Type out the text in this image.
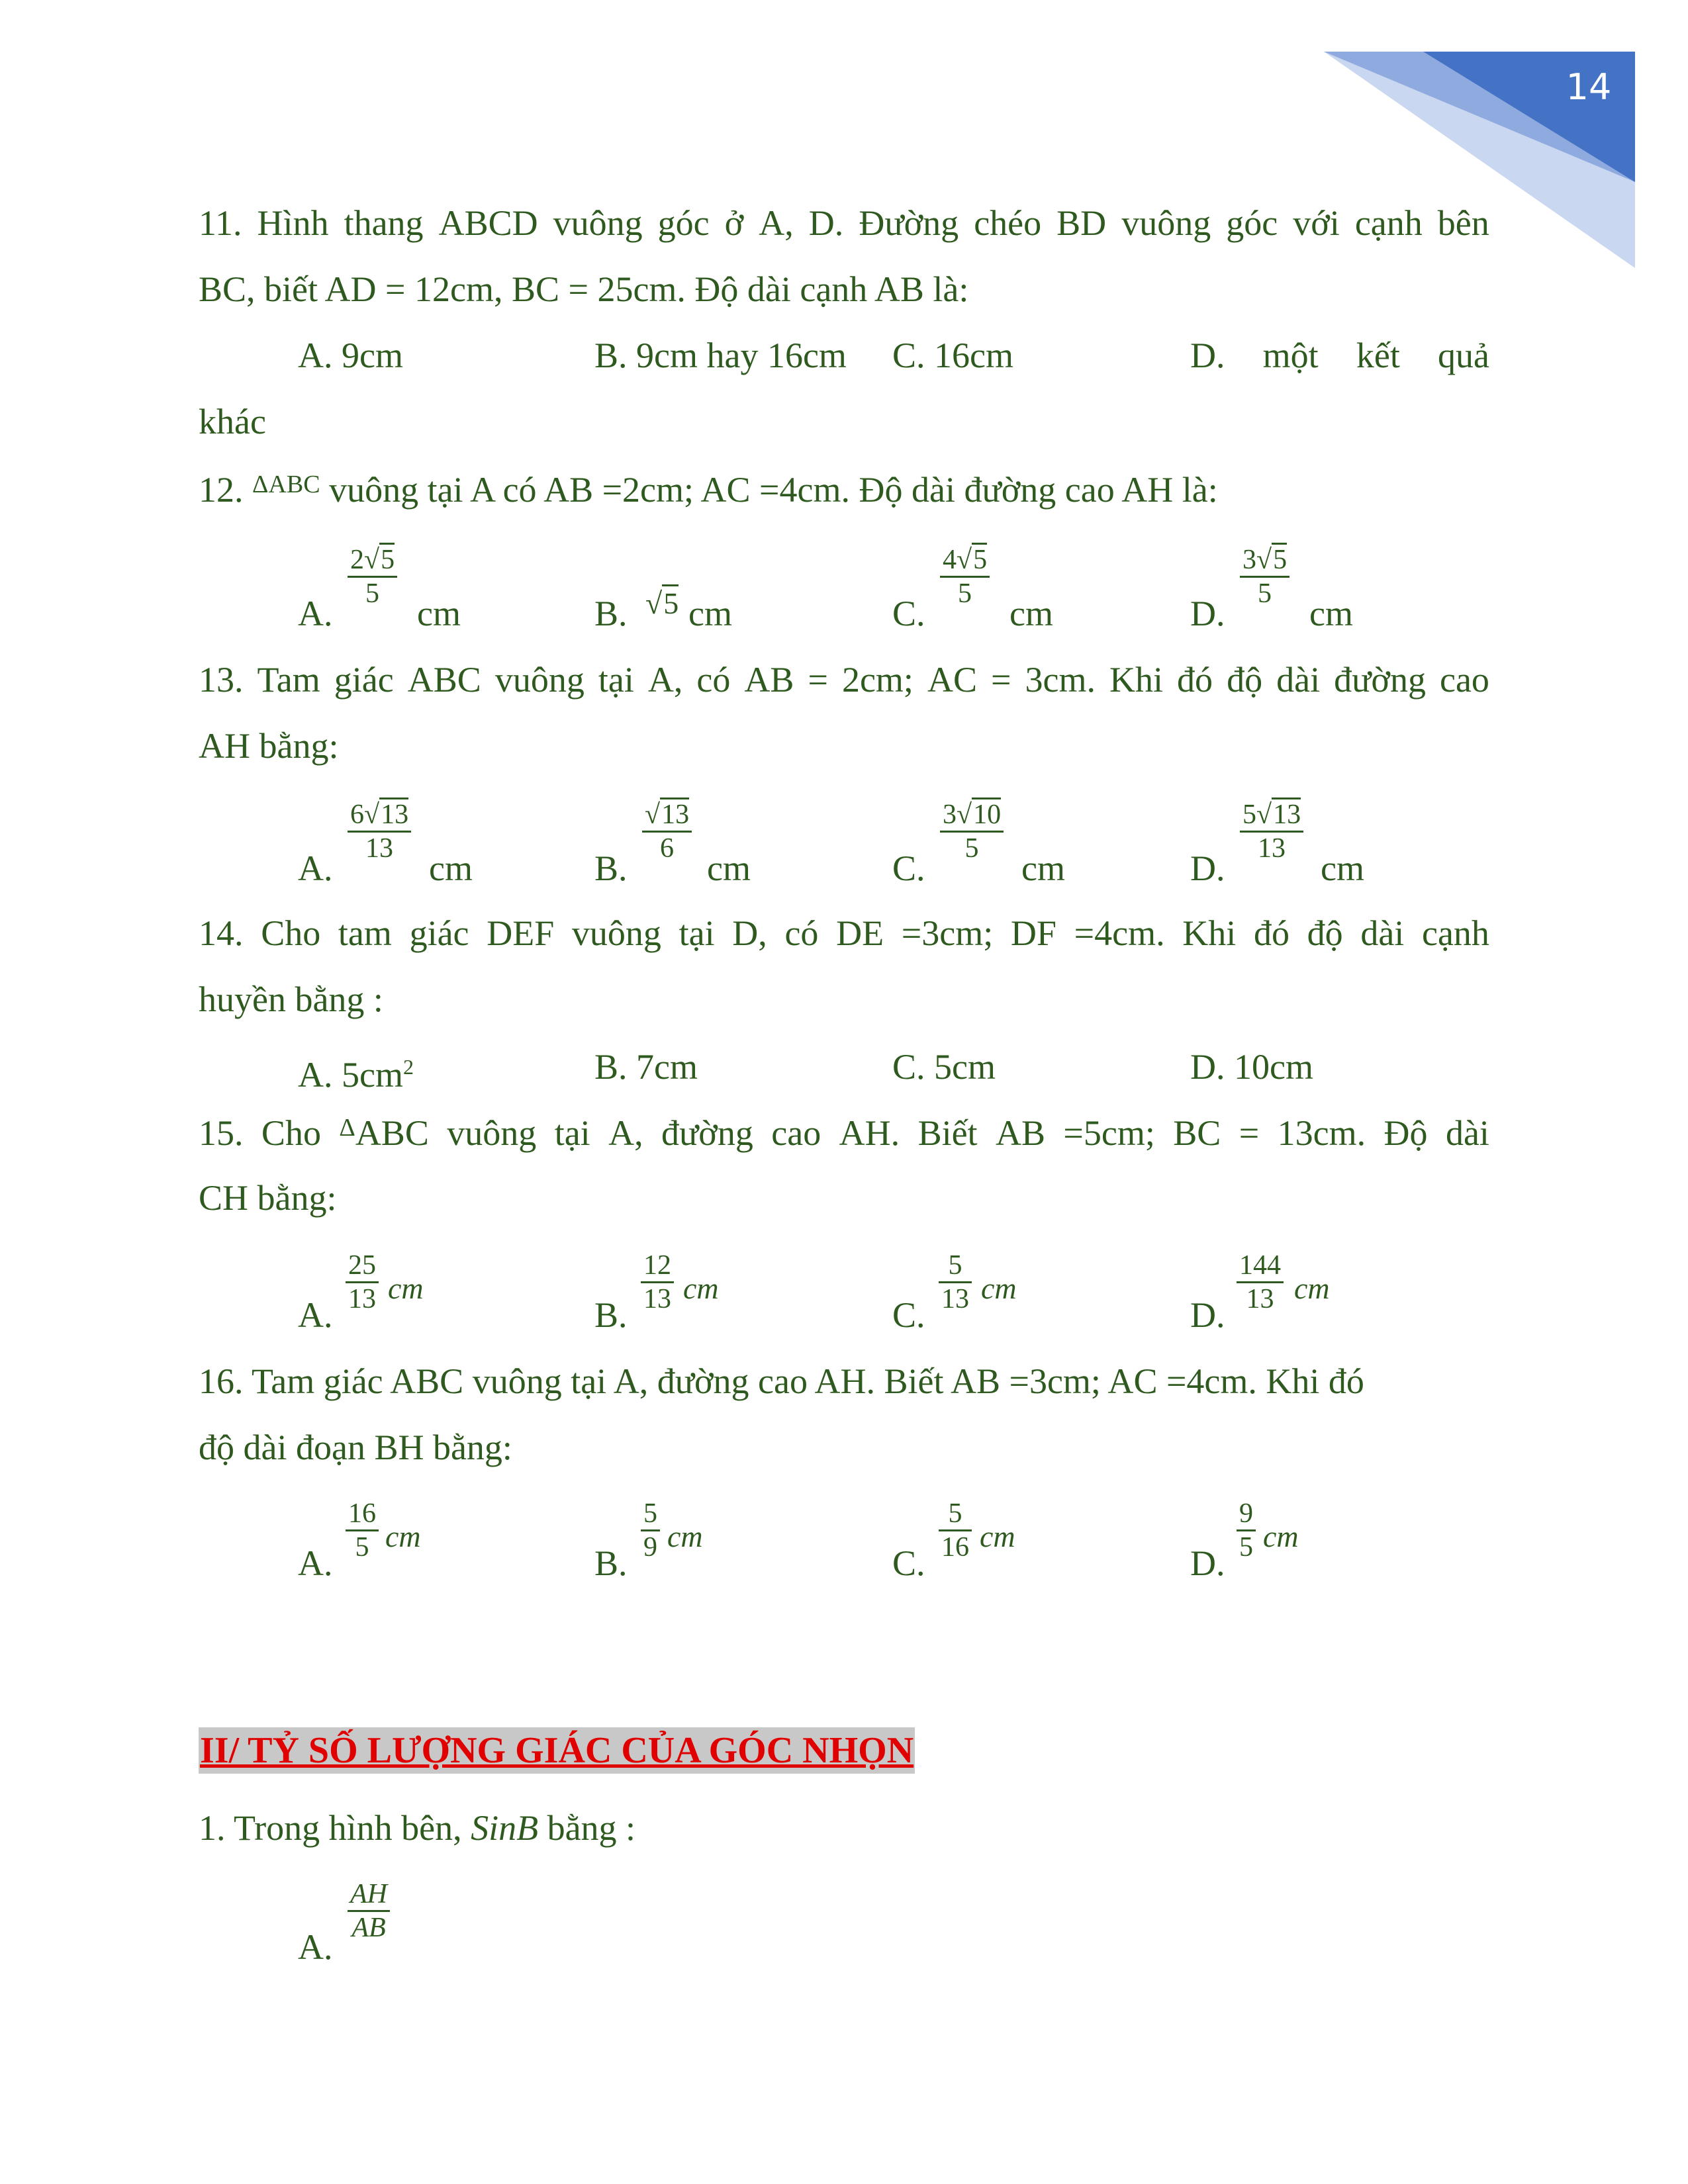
14
11. Hình thang ABCD vuông góc ở A, D. Đường chéo BD vuông góc với cạnh bên
BC, biết AD = 12cm, BC = 25cm. Độ dài cạnh AB là:
A. 9cm	B. 9cm hay 16cm C. 16cm	D. một kết quả
khác
12. $^{\Delta ABC}$ vuông tại A có AB =2cm; AC =4cm. Độ dài đường cao AH là:
A.
$\frac{2√5}{5}$
cm	B. √5 cm	C.
$\frac{4√5}{5}$
cm	D.
$\frac{3√5}{5}$
cm
13. Tam giác ABC vuông tại A, có AB = 2cm; AC = 3cm. Khi đó độ dài đường cao
AH bằng:
A.
$\frac{6√13}{13}$
cm	B.
$\frac{√13}{6}$
cm	C.
$\frac{3√10}{5}$
cm	D.
$\frac{5√13}{13}$
cm
14. Cho tam giác DEF vuông tại D, có DE =3cm; DF =4cm. Khi đó độ dài cạnh
huyền bằng :
A. $5cm^2$	B. 7cm	C. 5cm	D. 10cm
15. Cho $^\Delta$ABC vuông tại A, đường cao AH. Biết AB =5cm; BC = 13cm. Độ dài
CH bằng:
A. $\frac{25}{13}$ cm
B. $\frac{12}{13}$ cm
C. $\frac{5}{13}$ cm
D. $\frac{144}{13}$ cm
16. Tam giác ABC vuông tại A, đường cao AH. Biết AB =3cm; AC =4cm. Khi đó
độ dài đoạn BH bằng:
A. $\frac{16}{5}$ cm
B. $\frac{5}{9}$ cm
C. $\frac{5}{16}$ cm
D. $\frac{9}{5}$ cm
II/ TỶ SỐ LƯỢNG GIÁC CỦA GÓC NHỌN
1. Trong hình bên, SinB bằng :
A.
$\frac{AH}{AB}$
